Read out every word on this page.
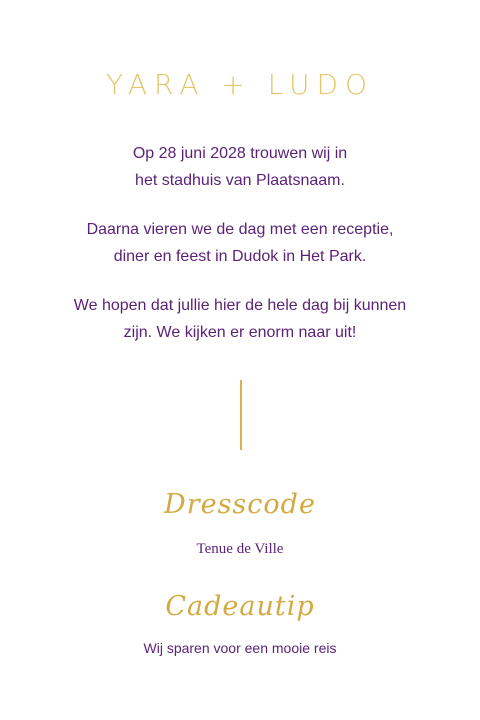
YARA + LUDO
Op 28 juni 2028 trouwen wij in
het stadhuis van Plaatsnaam.
Daarna vieren we de dag met een receptie,
diner en feest in Dudok in Het Park.
We hopen dat jullie hier de hele dag bij kunnen
zijn. We kijken er enorm naar uit!
Dresscode
Tenue de Ville
Cadeautip
Wij sparen voor een mooie reis
